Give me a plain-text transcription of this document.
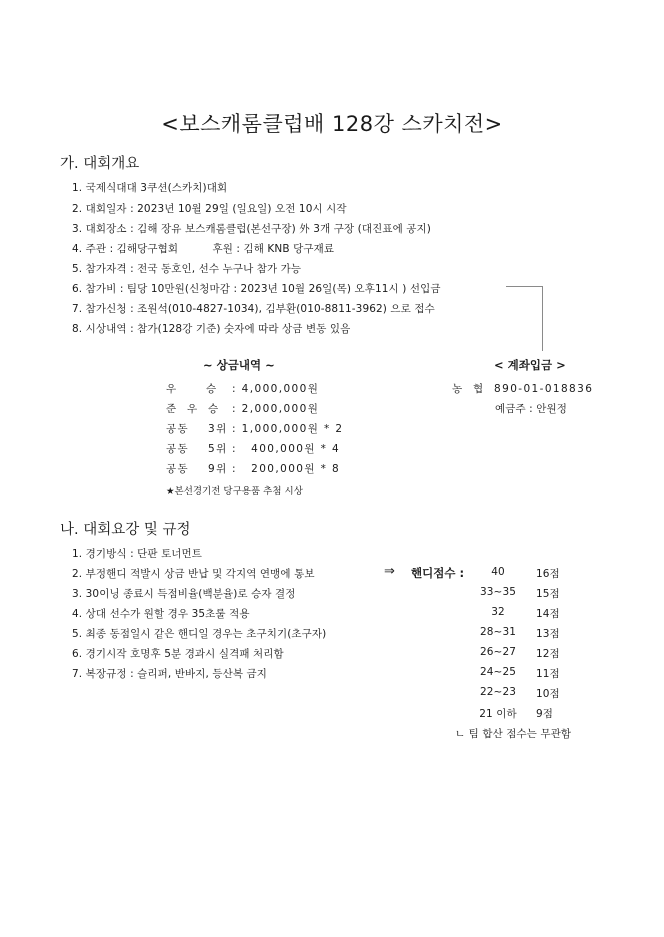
<보스캐롬클럽배 128강 스카치전>
가. 대회개요
1. 국제식대대 3쿠션(스카치)대회
2. 대회일자 : 2023년 10월 29일 (일요일) 오전 10시 시작
3. 대회장소 : 김해 장유 보스캐롬클럽(본선구장) 外 3개 구장 (대진표에 공지)
4. 주관 : 김해당구협회          후원 : 김해 KNB 당구재료
5. 참가자격 : 전국 동호인, 선수 누구나 참가 가능
6. 참가비 : 팀당 10만원(신청마감 : 2023년 10월 26일(목) 오후11시 ) 선입금
7. 참가신청 : 조원석(010-4827-1034), 김부환(010-8811-3962) 으로 접수
8. 시상내역 : 참가(128강 기준) 숫자에 따라 상금 변동 있음
~ 상금내역 ~
우      승 : 4,000,000원
준  우  승 : 2,000,000원
공동    3위 : 1,000,000원 * 2
공동    5위 :   400,000원 * 4
공동    9위 :   200,000원 * 8
★본선경기전 당구용품 추첨 시상
< 계좌입금 >
농  협  890-01-018836
예금주 : 안원정
나. 대회요강 및 규정
1. 경기방식 : 단판 토너먼트
2. 부정핸디 적발시 상금 반납 및 각지역 연맹에 통보	⇒ 핸디점수 :
3. 30이닝 종료시 득점비율(백분율)로 승자 결정
4. 상대 선수가 원할 경우 35초룰 적용
5. 최종 동점일시 같은 핸디일 경우는 초구치기(초구자)
6. 경기시작 호명후 5분 경과시 실격패 처리함
7. 복장규정 : 슬리퍼, 반바지, 등산복 금지
40	16점
33~35	15점
32	14점
28~31	13점
26~27	12점
24~25	11점
22~23	10점
21 이하	9점
ㄴ 팀 합산 점수는 무관함
